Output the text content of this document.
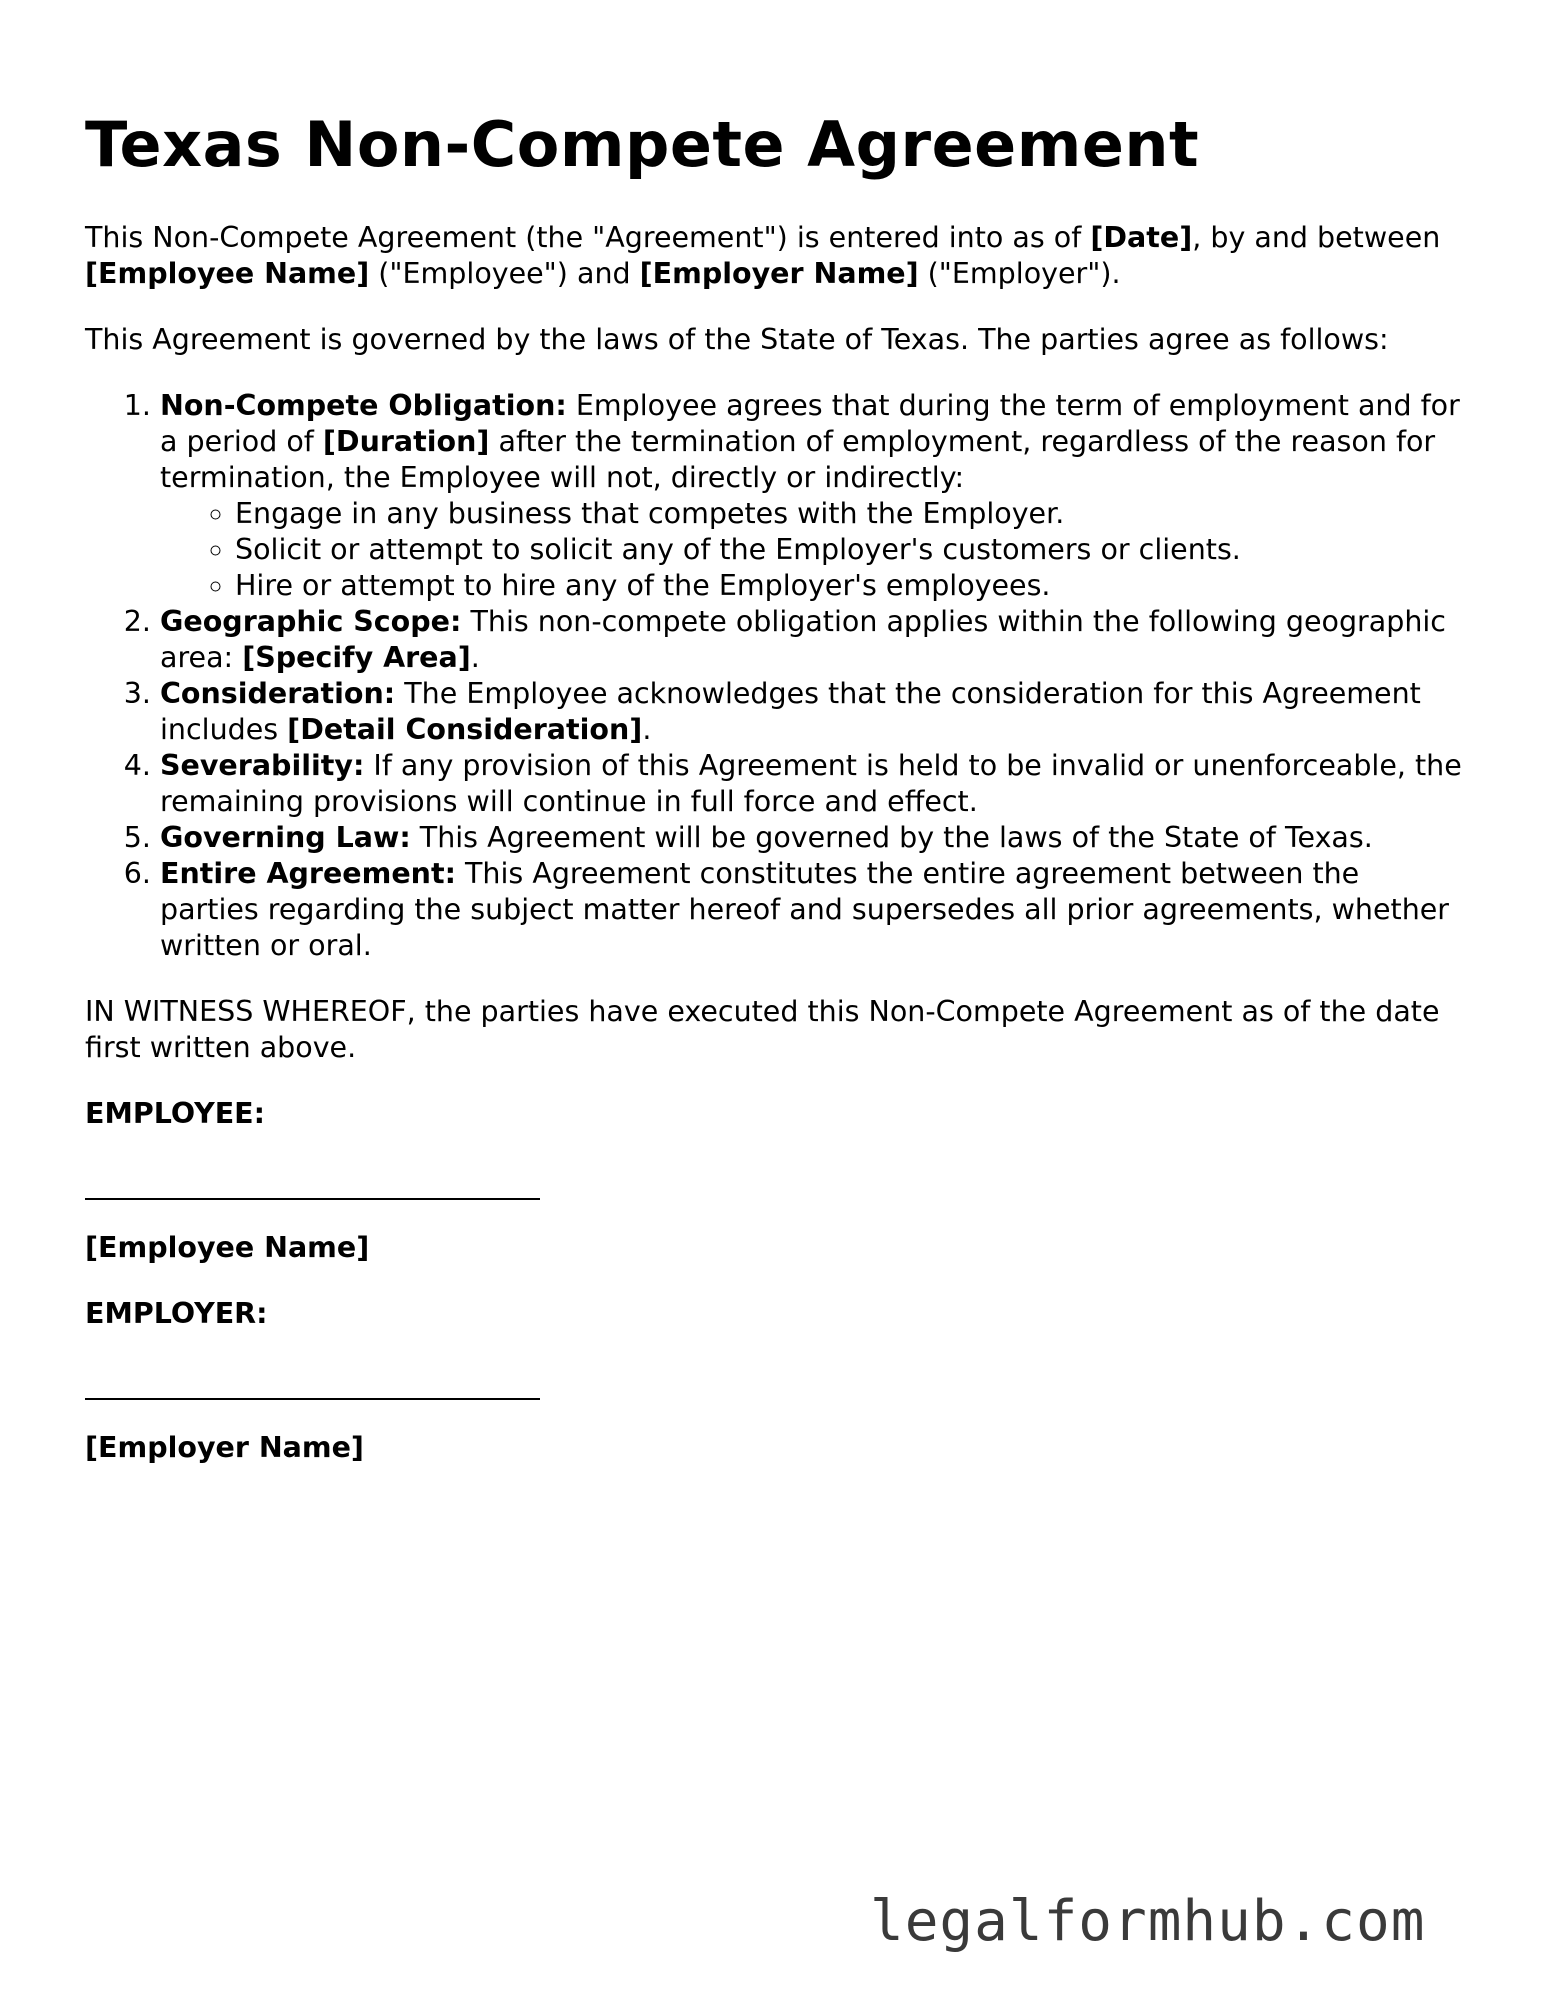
Texas Non-Compete Agreement

This Non-Compete Agreement (the "Agreement") is entered into as of [Date], by and between [Employee Name] ("Employee") and [Employer Name] ("Employer").

This Agreement is governed by the laws of the State of Texas. The parties agree as follows:

1. Non-Compete Obligation: Employee agrees that during the term of employment and for a period of [Duration] after the termination of employment, regardless of the reason for termination, the Employee will not, directly or indirectly:
◦ Engage in any business that competes with the Employer.
◦ Solicit or attempt to solicit any of the Employer's customers or clients.
◦ Hire or attempt to hire any of the Employer's employees.
2. Geographic Scope: This non-compete obligation applies within the following geographic area: [Specify Area].
3. Consideration: The Employee acknowledges that the consideration for this Agreement includes [Detail Consideration].
4. Severability: If any provision of this Agreement is held to be invalid or unenforceable, the remaining provisions will continue in full force and effect.
5. Governing Law: This Agreement will be governed by the laws of the State of Texas.
6. Entire Agreement: This Agreement constitutes the entire agreement between the parties regarding the subject matter hereof and supersedes all prior agreements, whether written or oral.

IN WITNESS WHEREOF, the parties have executed this Non-Compete Agreement as of the date first written above.

EMPLOYEE:

[Employee Name]

EMPLOYER:

[Employer Name]

legalformhub.com
